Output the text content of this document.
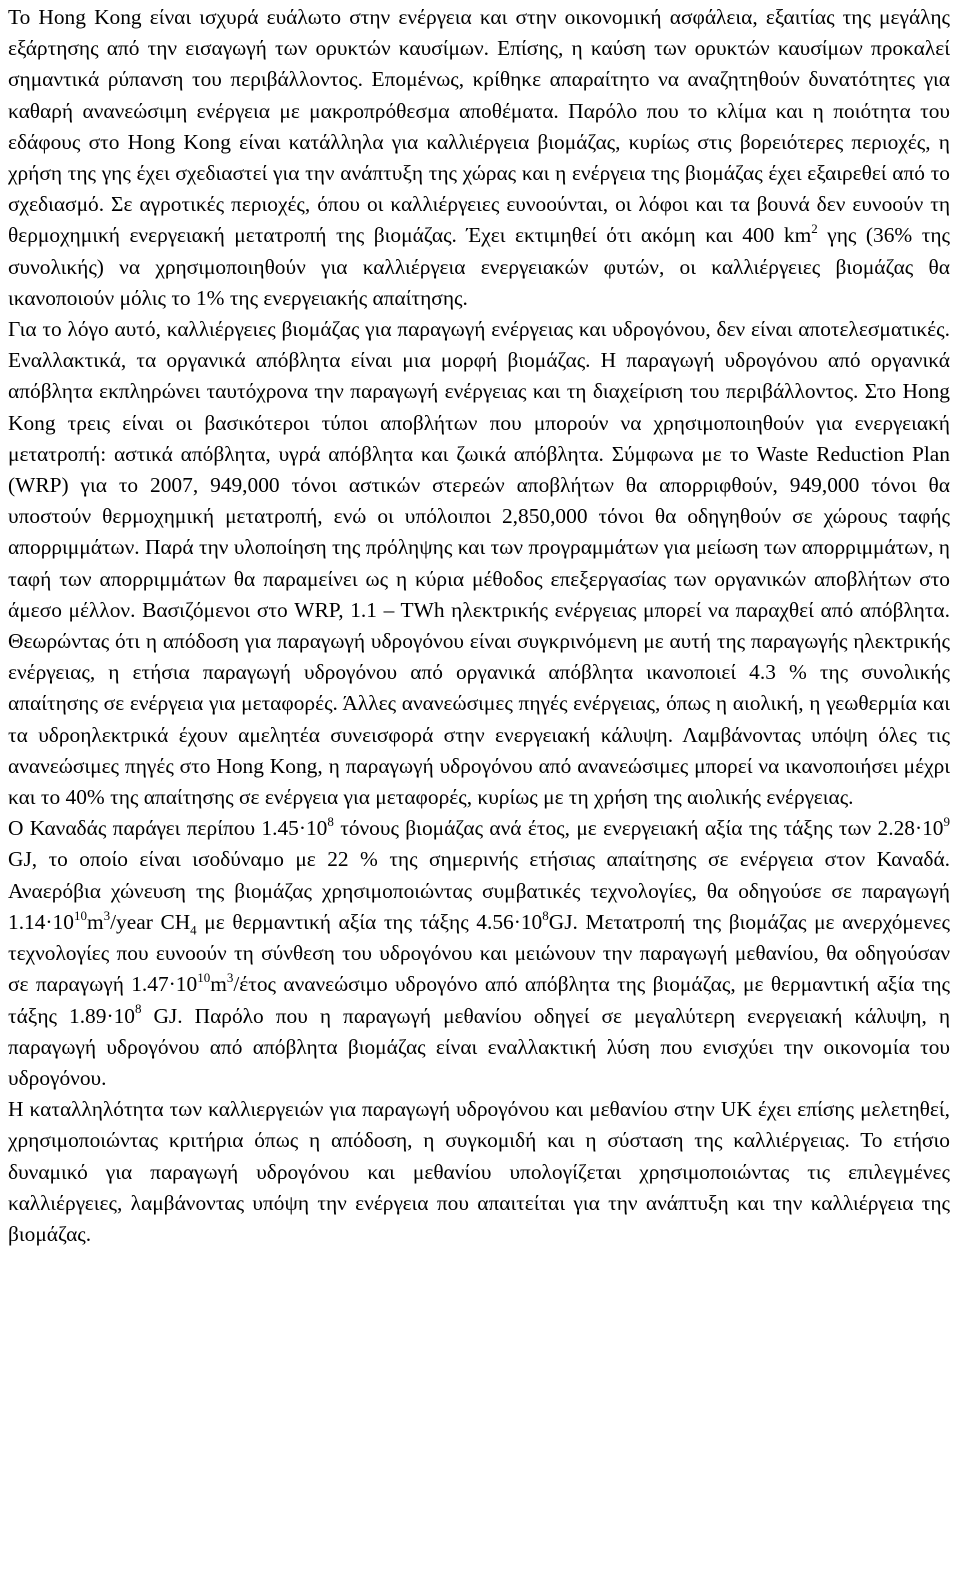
Το Hong Kong είναι ισχυρά ευάλωτο στην ενέργεια και στην οικονομική ασφάλεια, εξαιτίας της μεγάλης εξάρτησης από την εισαγωγή των ορυκτών καυσίμων. Επίσης, η καύση των ορυκτών καυσίμων προκαλεί σημαντικά ρύπανση του περιβάλλοντος. Επομένως, κρίθηκε απαραίτητο να αναζητηθούν δυνατότητες για καθαρή ανανεώσιμη ενέργεια με μακροπρόθεσμα αποθέματα. Παρόλο που το κλίμα και η ποιότητα του εδάφους στο Hong Kong είναι κατάλληλα για καλλιέργεια βιομάζας, κυρίως στις βορειότερες περιοχές, η χρήση της γης έχει σχεδιαστεί για την ανάπτυξη της χώρας και η ενέργεια της βιομάζας έχει εξαιρεθεί από το σχεδιασμό. Σε αγροτικές περιοχές, όπου οι καλλιέργειες ευνοούνται, οι λόφοι και τα βουνά δεν ευνοούν τη θερμοχημική ενεργειακή μετατροπή της βιομάζας. Έχει εκτιμηθεί ότι ακόμη και 400 $km^2$ γης (36% της συνολικής) να χρησιμοποιηθούν για καλλιέργεια ενεργειακών φυτών, οι καλλιέργειες βιομάζας θα ικανοποιούν μόλις το 1% της ενεργειακής απαίτησης.

Για το λόγο αυτό, καλλιέργειες βιομάζας για παραγωγή ενέργειας και υδρογόνου, δεν είναι αποτελεσματικές. Εναλλακτικά, τα οργανικά απόβλητα είναι μια μορφή βιομάζας. Η παραγωγή υδρογόνου από οργανικά απόβλητα εκπληρώνει ταυτόχρονα την παραγωγή ενέργειας και τη διαχείριση του περιβάλλοντος. Στο Hong Kong τρεις είναι οι βασικότεροι τύποι αποβλήτων που μπορούν να χρησιμοποιηθούν για ενεργειακή μετατροπή: αστικά απόβλητα, υγρά απόβλητα και ζωικά απόβλητα. Σύμφωνα με το Waste Reduction Plan (WRP) για το 2007, 949,000 τόνοι αστικών στερεών αποβλήτων θα απορριφθούν, 949,000 τόνοι θα υποστούν θερμοχημική μετατροπή, ενώ οι υπόλοιποι 2,850,000 τόνοι θα οδηγηθούν σε χώρους ταφής απορριμμάτων. Παρά την υλοποίηση της πρόληψης και των προγραμμάτων για μείωση των απορριμμάτων, η ταφή των απορριμμάτων θα παραμείνει ως η κύρια μέθοδος επεξεργασίας των οργανικών αποβλήτων στο άμεσο μέλλον. Βασιζόμενοι στο WRP, 1.1 – TWh ηλεκτρικής ενέργειας μπορεί να παραχθεί από απόβλητα. Θεωρώντας ότι η απόδοση για παραγωγή υδρογόνου είναι συγκρινόμενη με αυτή της παραγωγής ηλεκτρικής ενέργειας, η ετήσια παραγωγή υδρογόνου από οργανικά απόβλητα ικανοποιεί 4.3 % της συνολικής απαίτησης σε ενέργεια για μεταφορές. Άλλες ανανεώσιμες πηγές ενέργειας, όπως η αιολική, η γεωθερμία και τα υδροηλεκτρικά έχουν αμελητέα συνεισφορά στην ενεργειακή κάλυψη. Λαμβάνοντας υπόψη όλες τις ανανεώσιμες πηγές στο Hong Kong, η παραγωγή υδρογόνου από ανανεώσιμες μπορεί να ικανοποιήσει μέχρι και το 40% της απαίτησης σε ενέργεια για μεταφορές, κυρίως με τη χρήση της αιολικής ενέργειας.

Ο Καναδάς παράγει περίπου $1.45\cdot 10^8$ τόνους βιομάζας ανά έτος, με ενεργειακή αξία της τάξης των $2.28\cdot 10^9$ GJ, το οποίο είναι ισοδύναμο με 22 % της σημερινής ετήσιας απαίτησης σε ενέργεια στον Καναδά. Αναερόβια χώνευση της βιομάζας χρησιμοποιώντας συμβατικές τεχνολογίες, θα οδηγούσε σε παραγωγή $1.14\cdot 10^{10}m^3$/year $CH_4$ με θερμαντική αξία της τάξης $4.56\cdot 10^8GJ$. Μετατροπή της βιομάζας με ανερχόμενες τεχνολογίες που ευνοούν τη σύνθεση του υδρογόνου και μειώνουν την παραγωγή μεθανίου, θα οδηγούσαν σε παραγωγή $1.47\cdot 10^{10}m^3$/έτος ανανεώσιμο υδρογόνο από απόβλητα της βιομάζας, με θερμαντική αξία της τάξης $1.89\cdot 10^8$ GJ. Παρόλο που η παραγωγή μεθανίου οδηγεί σε μεγαλύτερη ενεργειακή κάλυψη, η παραγωγή υδρογόνου από απόβλητα βιομάζας είναι εναλλακτική λύση που ενισχύει την οικονομία του υδρογόνου.

Η καταλληλότητα των καλλιεργειών για παραγωγή υδρογόνου και μεθανίου στην UK έχει επίσης μελετηθεί, χρησιμοποιώντας κριτήρια όπως η απόδοση, η συγκομιδή και η σύσταση της καλλιέργειας. Το ετήσιο δυναμικό για παραγωγή υδρογόνου και μεθανίου υπολογίζεται χρησιμοποιώντας τις επιλεγμένες καλλιέργειες, λαμβάνοντας υπόψη την ενέργεια που απαιτείται για την ανάπτυξη και την καλλιέργεια της βιομάζας.
